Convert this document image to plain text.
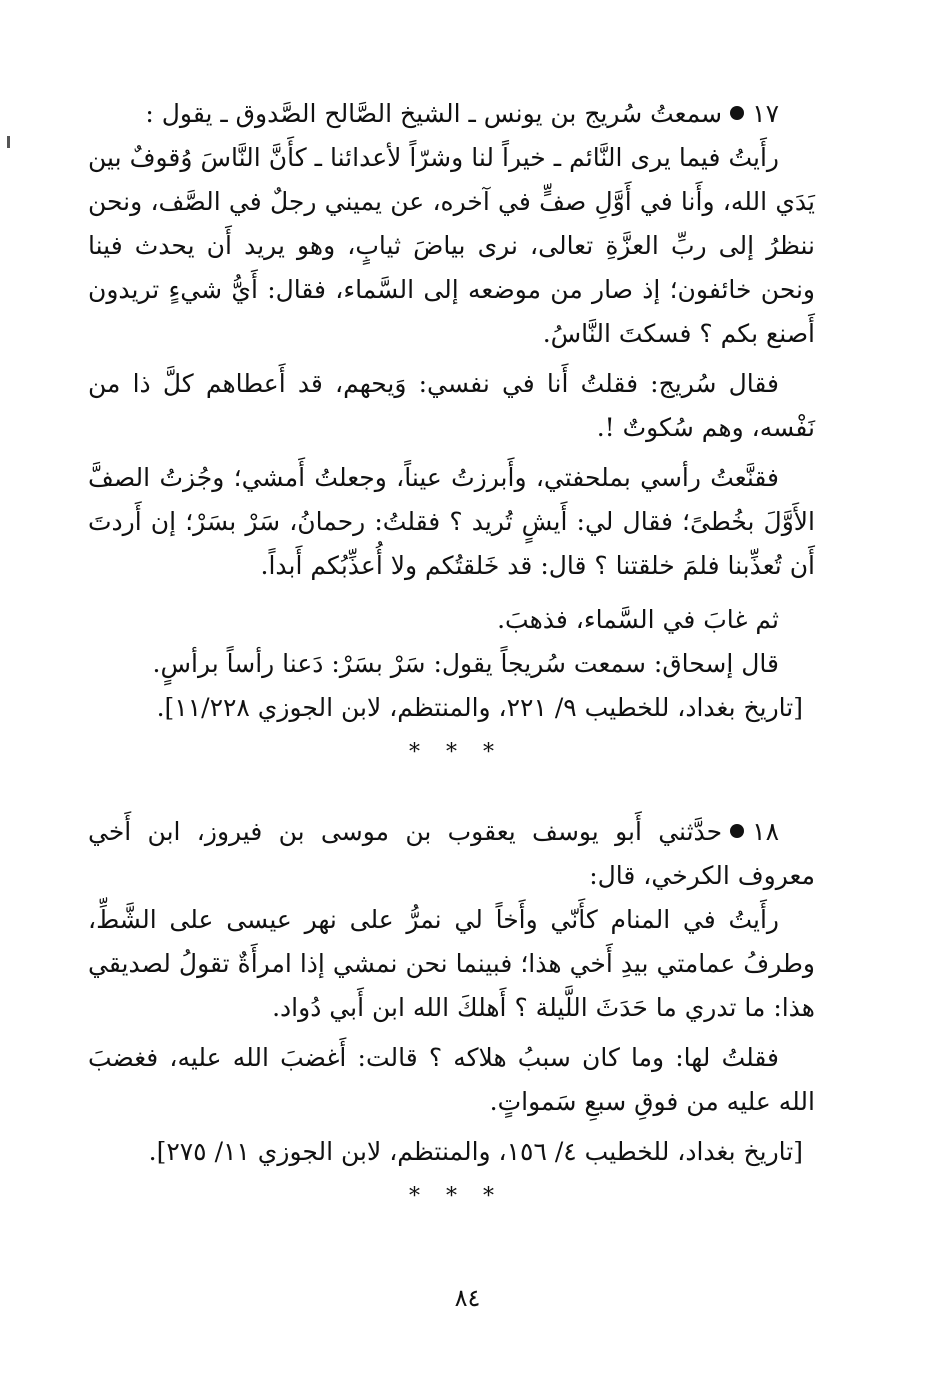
١٧سمعتُ سُريج بن يونس ـ الشيخ الصَّالح الصَّدوق ـ يقول :

رأَيتُ فيما يرى النَّائم ـ خيراً لنا وشرّاً لأعدائنا ـ كأَنَّ النَّاسَ وُقوفٌ بين يَدَي الله، وأَنا في أَوَّلِ صفٍّ في آخره، عن يميني رجلٌ في الصَّف، ونحن ننظرُ إلى ربِّ العزَّةِ تعالى، نرى بياضَ ثيابٍ، وهو يريد أَن يحدث فينا ونحن خائفون؛ إذ صار من موضعه إلى السَّماء، فقال: أَيُّ شيءٍ تريدون أَصنع بكم ؟ فسكتَ النَّاسُ.

فقال سُريج: فقلتُ أَنا في نفسي: وَيحهم، قد أَعطاهم كلَّ ذا من نَفْسه، وهم سُكوتٌ !.

فقنَّعتُ رأسي بملحفتي، وأَبرزتُ عيناً، وجعلتُ أَمشي؛ وجُزتُ الصفَّ الأَوَّلَ بخُطىً؛ فقال لي: أَيشٍ تُريد ؟ فقلتُ: رحمانُ، سَرْ بسَرْ؛ إن أَردتَ أَن تُعذِّبنا فلمَ خلقتنا ؟ قال: قد خَلقتُكم ولا أُعذِّبُكم أَبداً.

ثم غابَ في السَّماء، فذهبَ.

قال إسحاق: سمعت سُريجاً يقول: سَرْ بسَرْ: دَعنا رأساً برأسٍ.

[تاريخ بغداد، للخطيب ٩/ ٢٢١، والمنتظم، لابن الجوزي ١١/٢٢٨].

***

١٨حدَّثني أَبو يوسف يعقوب بن موسى بن فيروز، ابن أَخي معروف الكرخي، قال:

رأَيتُ في المنام كأَنّي وأَخاً لي نمرُّ على نهر عيسى على الشَّطِّ، وطرفُ عمامتي بيدِ أَخي هذا؛ فبينما نحن نمشي إذا امرأَةٌ تقولُ لصديقي هذا: ما تدري ما حَدَثَ اللَّيلة ؟ أَهلكَ الله ابن أَبي دُواد.

فقلتُ لها: وما كان سببُ هلاكه ؟ قالت: أَغضبَ الله عليه، فغضبَ الله عليه من فوقِ سبعِ سَمواتٍ.

[تاريخ بغداد، للخطيب ٤/ ١٥٦، والمنتظم، لابن الجوزي ١١/ ٢٧٥].

***
٨٤
